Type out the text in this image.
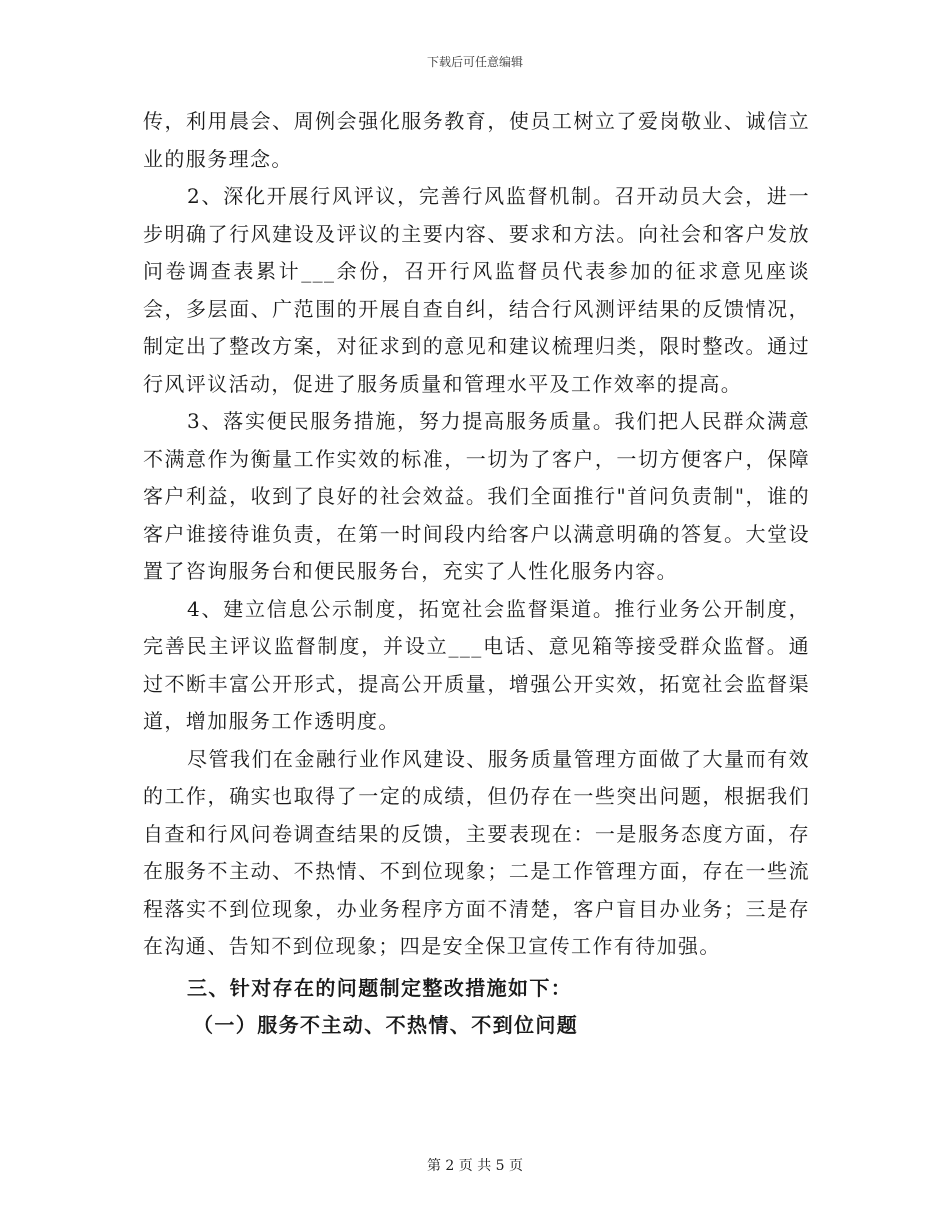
下载后可任意编辑

传，利用晨会、周例会强化服务教育，使员工树立了爱岗敬业、诚信立业的服务理念。

2、深化开展行风评议，完善行风监督机制。召开动员大会，进一步明确了行风建设及评议的主要内容、要求和方法。向社会和客户发放问卷调查表累计___余份，召开行风监督员代表参加的征求意见座谈会，多层面、广范围的开展自查自纠，结合行风测评结果的反馈情况，制定出了整改方案，对征求到的意见和建议梳理归类，限时整改。通过行风评议活动，促进了服务质量和管理水平及工作效率的提高。

3、落实便民服务措施，努力提高服务质量。我们把人民群众满意不满意作为衡量工作实效的标准，一切为了客户，一切方便客户，保障客户利益，收到了良好的社会效益。我们全面推行"首问负责制"，谁的客户谁接待谁负责，在第一时间段内给客户以满意明确的答复。大堂设置了咨询服务台和便民服务台，充实了人性化服务内容。

4、建立信息公示制度，拓宽社会监督渠道。推行业务公开制度，完善民主评议监督制度，并设立___电话、意见箱等接受群众监督。通过不断丰富公开形式，提高公开质量，增强公开实效，拓宽社会监督渠道，增加服务工作透明度。

尽管我们在金融行业作风建设、服务质量管理方面做了大量而有效的工作，确实也取得了一定的成绩，但仍存在一些突出问题，根据我们自查和行风问卷调查结果的反馈，主要表现在：一是服务态度方面，存在服务不主动、不热情、不到位现象；二是工作管理方面，存在一些流程落实不到位现象，办业务程序方面不清楚，客户盲目办业务；三是存在沟通、告知不到位现象；四是安全保卫宣传工作有待加强。

三、针对存在的问题制定整改措施如下：

（一）服务不主动、不热情、不到位问题

第 2 页 共 5 页
